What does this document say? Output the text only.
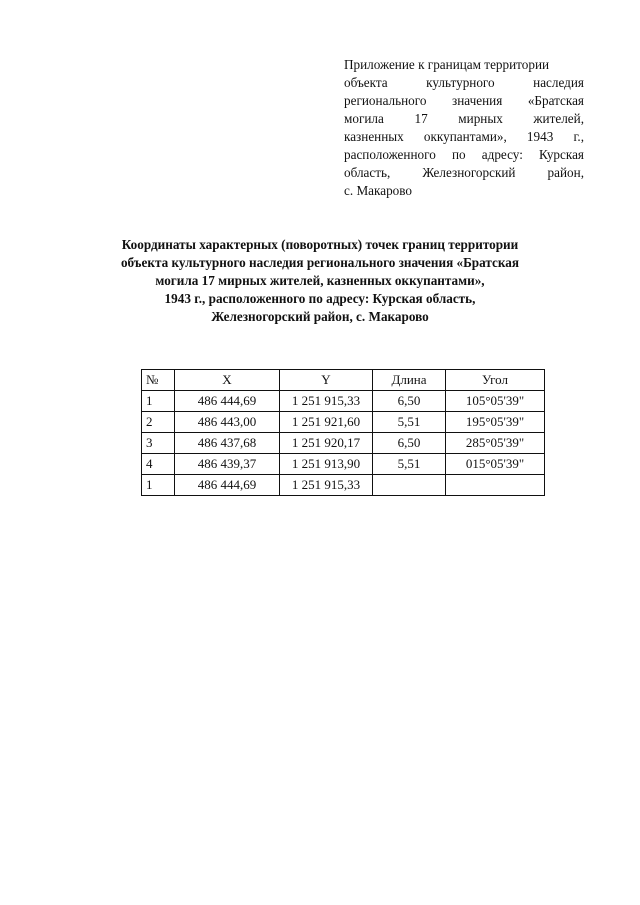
Приложение к границам территории
объекта культурного наследия
регионального значения «Братская
могила 17 мирных жителей,
казненных оккупантами», 1943 г.,
расположенного по адресу: Курская
область, Железногорский район,
с. Макарово
Координаты характерных (поворотных) точек границ территории
объекта культурного наследия регионального значения «Братская
могила 17 мирных жителей, казненных оккупантами»,
1943 г., расположенного по адресу: Курская область,
Железногорский район, с. Макарово
№	X	Y	Длина	Угол
1	486 444,69	1 251 915,33	6,50	105°05'39"
2	486 443,00	1 251 921,60	5,51	195°05'39"
3	486 437,68	1 251 920,17	6,50	285°05'39"
4	486 439,37	1 251 913,90	5,51	015°05'39"
1	486 444,69	1 251 915,33		
